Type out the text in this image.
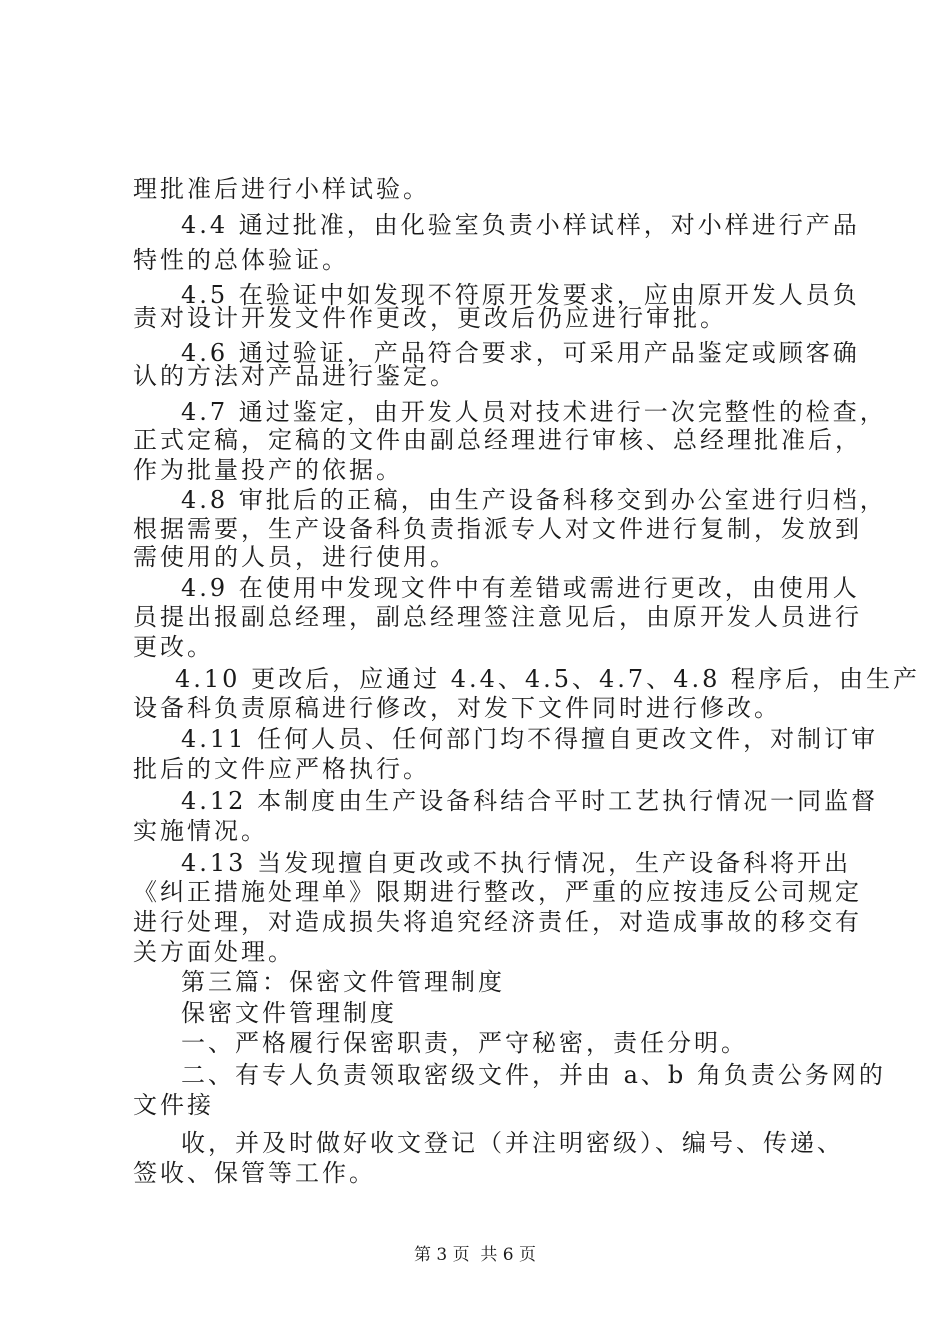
理批准后进行小样试验。
4.4 通过批准，由化验室负责小样试样，对小样进行产品
特性的总体验证。
4.5 在验证中如发现不符原开发要求，应由原开发人员负
责对设计开发文件作更改，更改后仍应进行审批。
4.6 通过验证，产品符合要求，可采用产品鉴定或顾客确
认的方法对产品进行鉴定。
4.7 通过鉴定，由开发人员对技术进行一次完整性的检查，
正式定稿，定稿的文件由副总经理进行审核、总经理批准后，
作为批量投产的依据。
4.8 审批后的正稿，由生产设备科移交到办公室进行归档，
根据需要，生产设备科负责指派专人对文件进行复制，发放到
需使用的人员，进行使用。
4.9 在使用中发现文件中有差错或需进行更改，由使用人
员提出报副总经理，副总经理签注意见后，由原开发人员进行
更改。
4.10 更改后，应通过 4.4、4.5、4.7、4.8 程序后，由生产
设备科负责原稿进行修改，对发下文件同时进行修改。
4.11 任何人员、任何部门均不得擅自更改文件，对制订审
批后的文件应严格执行。
4.12 本制度由生产设备科结合平时工艺执行情况一同监督
实施情况。
4.13 当发现擅自更改或不执行情况，生产设备科将开出
《纠正措施处理单》限期进行整改，严重的应按违反公司规定
进行处理，对造成损失将追究经济责任，对造成事故的移交有
关方面处理。
第三篇：保密文件管理制度
保密文件管理制度
一、严格履行保密职责，严守秘密，责任分明。
二、有专人负责领取密级文件，并由 a、b 角负责公务网的
文件接
收，并及时做好收文登记（并注明密级）、编号、传递、
签收、保管等工作。
第 3 页  共 6 页
